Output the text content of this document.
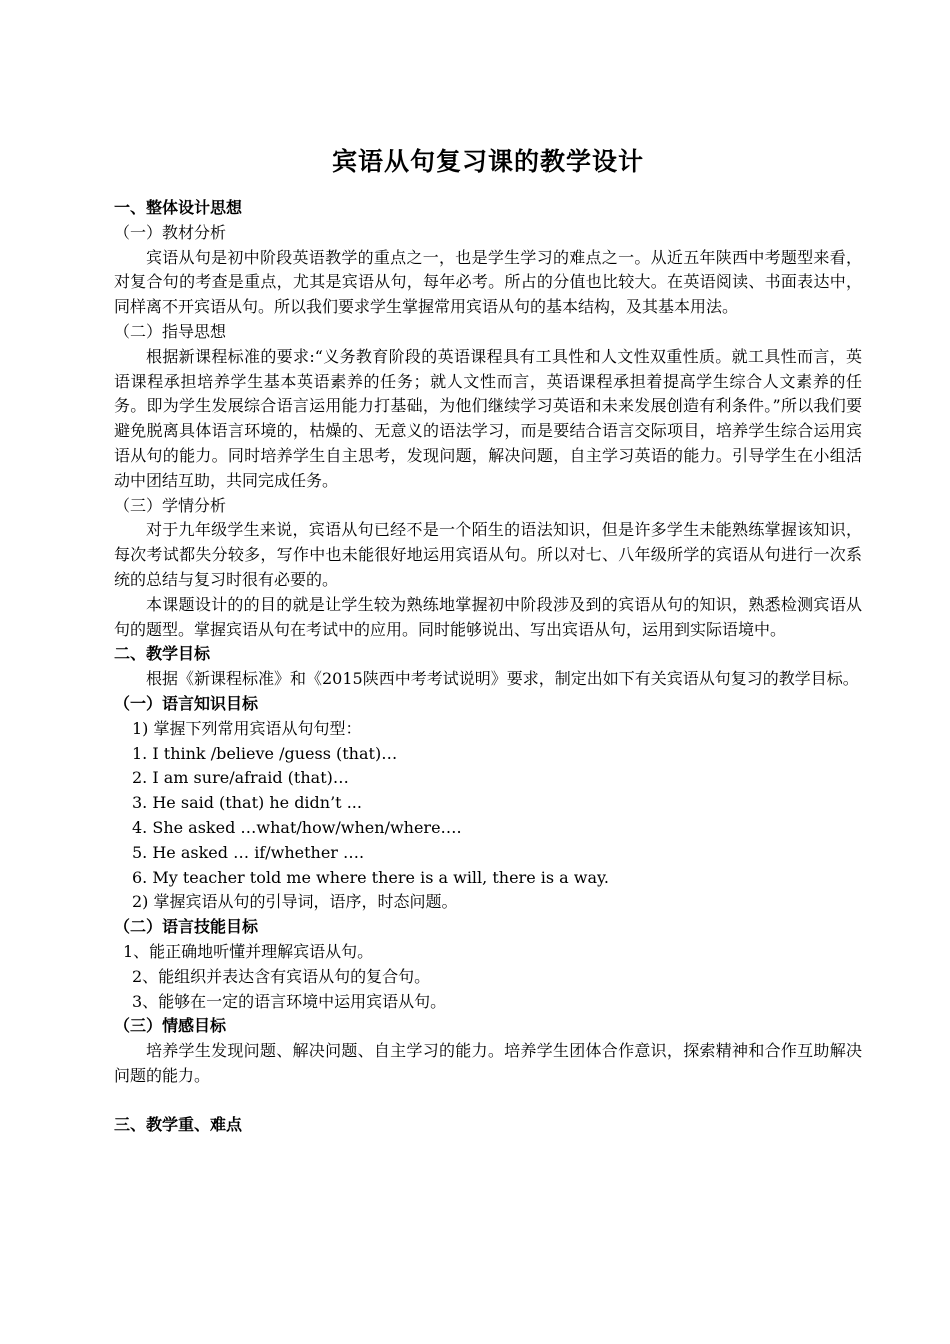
宾语从句复习课的教学设计

一、整体设计思想

（一）教材分析

宾语从句是初中阶段英语教学的重点之一，也是学生学习的难点之一。从近五年陕西中考题型来看，对复合句的考查是重点，尤其是宾语从句，每年必考。所占的分值也比较大。在英语阅读、书面表达中，同样离不开宾语从句。所以我们要求学生掌握常用宾语从句的基本结构，及其基本用法。

（二）指导思想

根据新课程标准的要求:“义务教育阶段的英语课程具有工具性和人文性双重性质。就工具性而言，英语课程承担培养学生基本英语素养的任务；就人文性而言，英语课程承担着提高学生综合人文素养的任务。即为学生发展综合语言运用能力打基础，为他们继续学习英语和未来发展创造有利条件。”所以我们要避免脱离具体语言环境的，枯燥的、无意义的语法学习，而是要结合语言交际项目，培养学生综合运用宾语从句的能力。同时培养学生自主思考，发现问题，解决问题，自主学习英语的能力。引导学生在小组活动中团结互助，共同完成任务。

（三）学情分析

对于九年级学生来说，宾语从句已经不是一个陌生的语法知识，但是许多学生未能熟练掌握该知识，每次考试都失分较多，写作中也未能很好地运用宾语从句。所以对七、八年级所学的宾语从句进行一次系统的总结与复习时很有必要的。

本课题设计的的目的就是让学生较为熟练地掌握初中阶段涉及到的宾语从句的知识，熟悉检测宾语从句的题型。掌握宾语从句在考试中的应用。同时能够说出、写出宾语从句，运用到实际语境中。

二、教学目标

根据《新课程标准》和《2015陕西中考考试说明》要求，制定出如下有关宾语从句复习的教学目标。

（一）语言知识目标

1) 掌握下列常用宾语从句句型：

1. I think /believe /guess (that)…

2. I am sure/afraid (that)…

3. He said (that) he didn’t ...

4. She asked …what/how/when/where….

5. He asked … if/whether ….

6. My teacher told me where there is a will, there is a way.

2) 掌握宾语从句的引导词，语序，时态问题。

（二）语言技能目标

1、能正确地听懂并理解宾语从句。

2、能组织并表达含有宾语从句的复合句。

3、能够在一定的语言环境中运用宾语从句。

（三）情感目标

培养学生发现问题、解决问题、自主学习的能力。培养学生团体合作意识，探索精神和合作互助解决问题的能力。

三、教学重、难点
